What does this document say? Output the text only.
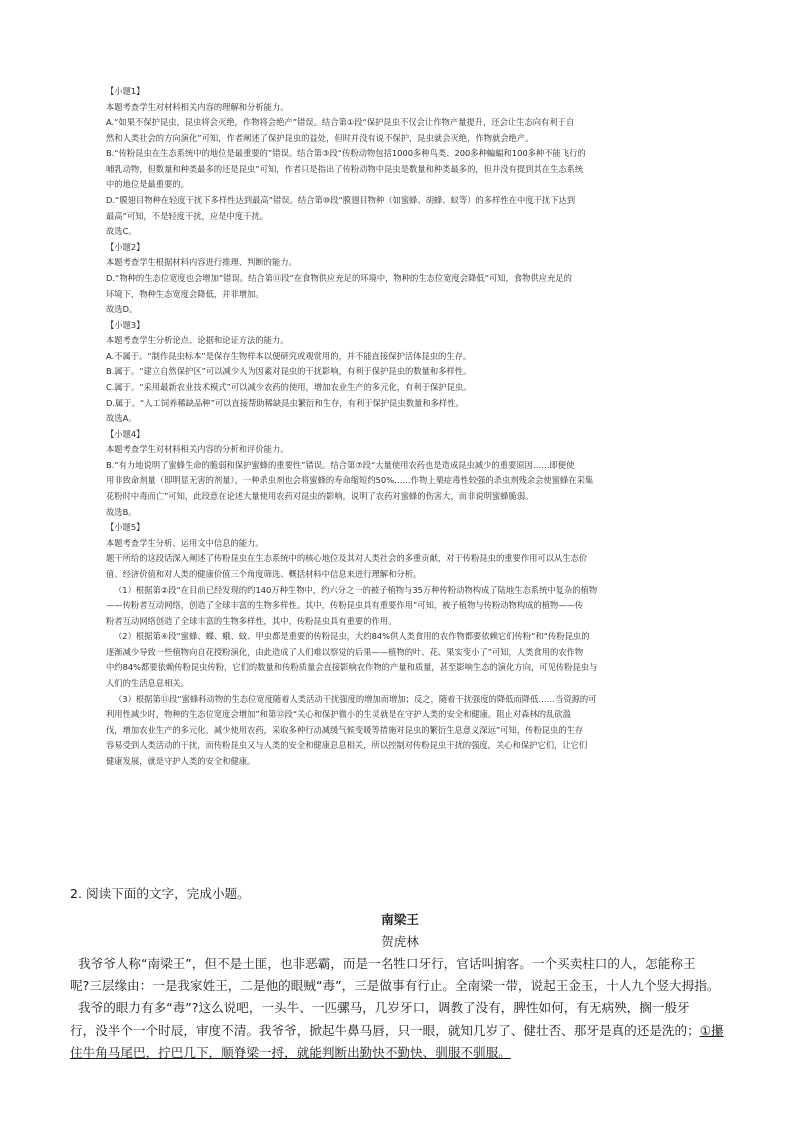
【小题1】

本题考查学生对材料相关内容的理解和分析能力。

A.“如果不保护昆虫，昆虫将会灭绝，作物将会绝产”错误。结合第①段“保护昆虫不仅会让作物产量提升，还会让生态向有利于自

然和人类社会的方向演化”可知，作者阐述了保护昆虫的益处，但时并没有说不保护，昆虫就会灭绝，作物就会绝产。

B.“传粉昆虫在生态系统中的地位是最重要的”错误。结合第③段“传粉动物包括1000多种鸟类、200多种蝙蝠和100多种不能飞行的

哺乳动物，但数量和种类最多的还是昆虫”可知，作者只是指出了传粉动物中昆虫是数量和种类最多的，但并没有提到其在生态系统

中的地位是最重要的。

D.“膜翅目物种在轻度干扰下多样性达到最高”错误。结合第⑩段“膜翅目物种（如蜜蜂、胡蜂、蚁等）的多样性在中度干扰下达到

最高”可知，不是轻度干扰，应是中度干扰。

故选C。

【小题2】

本题考查学生根据材料内容进行推理、判断的能力。

D.“物种的生态位宽度也会增加”错误。结合第⑪段“在食物供应充足的环境中，物种的生态位宽度会降低”可知，食物供应充足的

环境下，物种生态宽度会降低，并非增加。

故选D。

【小题3】

本题考查学生分析论点、论据和论证方法的能力。

A.不属于。“制作昆虫标本”是保存生物样本以便研究或观赏用的，并不能直接保护活体昆虫的生存。

B.属于。“建立自然保护区”可以减少人为因素对昆虫的干扰影响，有利于保护昆虫的数量和多样性。

C.属于。“采用最新农业技术模式”可以减少农药的使用，增加农业生产的多元化，有利于保护昆虫。

D.属于。“人工饲养稀缺品种”可以直接帮助稀缺昆虫繁衍和生存，有利于保护昆虫数量和多样性。

故选A。

【小题4】

本题考查学生对材料相关内容的分析和评价能力。

B.“有力地说明了蜜蜂生命的脆弱和保护蜜蜂的重要性”错误。结合第⑦段“大量使用农药也是造成昆虫减少的重要原因……即便使

用非致命剂量（即明显无害的剂量），一种杀虫剂也会将蜜蜂的寿命缩短约50%……作物上栗症毒性较强的杀虫剂残余会使蜜蜂在采集

花粉时中毒而亡”可知，此段意在论述大量使用农药对昆虫的影响，说明了农药对蜜蜂的伤害大，而非说明蜜蜂脆弱。

故选B。

【小题5】

本题考查学生分析、运用文中信息的能力。

题干所给的这段话深入阐述了传粉昆虫在生态系统中的核心地位及其对人类社会的多重贡献，对于传粉昆虫的重要作用可以从生态价

值、经济价值和对人类的健康价值三个角度筛选、概括材料中信息来进行理解和分析。

（1）根据第②段“在目前已经发现的约140万种生物中，约六分之一的被子植物与35万种传粉动物构成了陆地生态系统中复杂的植物

——传粉者互动网络，创造了全球丰富的生物多样性。其中，传粉昆虫具有重要作用”可知，被子植物与传粉动物构成的植物——传

粉者互动网络创造了全球丰富的生物多样性，其中，传粉昆虫具有重要的作用。

（2）根据第④段“蜜蜂、蝶、蛾、蚊、甲虫都是重要的传粉昆虫，大约84%供人类食用的农作物都要依赖它们传粉”和“传粉昆虫的

逐渐减少导致一些植物向自花授粉演化，由此造成了人们难以察觉的后果——植物的叶、花、果实变小了”可知，人类食用的农作物

中约84%都要依赖传粉昆虫传粉，它们的数量和传粉质量会直接影响农作物的产量和质量，甚至影响生态的演化方向，可见传粉昆虫与

人们的生活息息相关。

（3）根据第⑪段“蜜蜂科动物的生态位宽度随着人类活动干扰强度的增加而增加；反之，随着干扰强度的降低而降低……当资源的可

利用性减少时，物种的生态位宽度会增加”和第⑫段“关心和保护微小的生灵就是在守护人类的安全和健康。阻止对森林的乱砍滥

伐，增加农业生产的多元化，减少使用农药，采取多种行动减缓气候变暖等措施对昆虫的繁衍生息意义深远”可知，传粉昆虫的生存

容易受到人类活动的干扰，而传粉昆虫又与人类的安全和健康息息相关，所以控制对传粉昆虫干扰的强度，关心和保护它们，让它们

健康发展，就是守护人类的安全和健康。

2. 阅读下面的文字，完成小题。

南梁王

贺虎林

我爷爷人称“南梁王”，但不是土匪，也非恶霸，而是一名牲口牙行，官话叫掮客。一个买卖柱口的人，怎能称王

呢?三层缘由：一是我家姓王，二是他的眼贼“毒”，三是做事有行止。全南梁一带，说起王金玉，十人九个竖大拇指。

我爷的眼力有多“毒”?这么说吧，一头牛、一匹骡马，几岁牙口，调教了没有，脾性如何，有无病殃，搁一般牙

行，没半个一个时辰，审度不清。我爷爷，掀起牛鼻马唇，只一眼，就知几岁了、健壮否、那牙是真的还是洗的；①攥

住牛角马尾巴，拧巴几下，顺脊梁一捋，就能判断出勤快不勤快、驯服不驯服。
